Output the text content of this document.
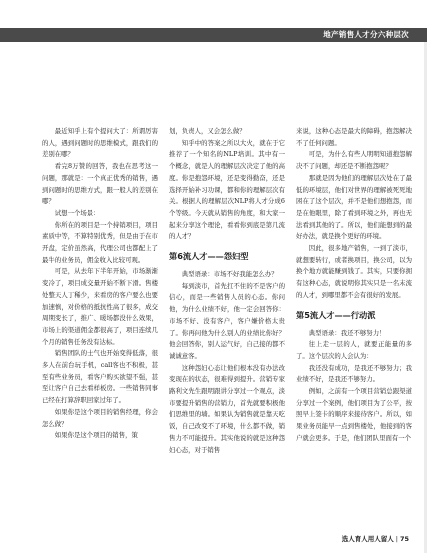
地产销售人才分六种层次

最近知乎上有个提问大了：所谓厉害的人，遇到问题时的思维模式，跟我们的差别在哪？

看完8万赞的回答，我也在思考这一问题，那就是：一个真正优秀的销售，遇到问题时的思维方式，跟一般人的差别在哪？

试想一个场景：

你所在的项目是一个持销项目，项目素质中等，不算特别优秀，但是由于在市开盘，定价虽然高，代理公司也都配上了最牛的业务员，佣金收入比较可观。

可是，从去年下半年开始，市场渐渐变冷了，项目成交量开始不断下滑。售楼处整天人丁稀少，来看房的客户要么也要加速慎，对价格的抵抗性高了很多，成交周期变长了，推广、暖场都没什么效果，市场上的渠道佣金都很高了，项目连续几个月的销售任务没有达标。

销售团队的士气也开始变得低落，很多人在前台玩手机，call客也不积极，甚至有些业务员，看客户购买欲望不强，甚至让客户自己去看样板房。一些销售同事已经在打算辞职回家过年了。

如果你是这个项目的销售经理，你会怎么做？

如果你是这个项目的销售，策

划，负责人，又会怎么做？

知乎中的答案之所以大火，就在于它推荐了一个知名的NLP培训。其中有一个概念，就是人的理解层次决定了他的高度。你是抱怨环境，还是变得勤奋，还是选择开始补习功课，都和你的理解层次有关。根据人的理解层次NLP将人才分成6个等级。今天就从销售的角度，和大家一起来分享这个理论，看看你到底是第几流的人才？

第6流人才——怨妇型

典型语录：市场不好我能怎么办？

每到淡市，首先扛不住的不是客户的信心，而是一些销售人员的心态。你问他，为什么业绩不好，他一定会回答你：市场不好、没有客户，客户嫌价格太贵了。你再问他为什么别人的业绩比你好？他会回答你，别人运气好，自己接的都不诚诚意客。

这种怨妇心态让他们根本没有办法改变现在的状态，很难得到提升。营销专家路利文先生跟明跟讲分享过一个观点，淡市要提升销售的营销力，首先就要积极他们思维里的墙。如果认为销售就是靠天吃饭，自己改变不了环境，什么都不做，销售力不可能提升。其实他说的就是这种怨妇心态，对于销售

来说，这种心态是最大的障碍，抱怨解决不了任何问题。

可是，为什么有些人明明知道抱怨解决不了问题，却还是不断抱怨呢？

那就是因为他们的理解层次处在了最低的环境层，他们对世界的理解被死死地困在了这个层次，并不是他们想抱怨，而是在他眼里，除了看到环境之外，再也无法看到其他的了。所以，他们能想到的最好办法，就是换个更好的环境。

因此，很多地产销售，一到了淡市，就想要转行，或者换项目，换公司，以为换个地方就能赚到钱了。其实，只要你拥有这种心态，就说明你其实只是一名末流的人才，到哪里都不会有很好的发展。

第5流人才——行动派

典型语录：我还不够努力！

往上走一层的人，就要正能量的多了。这个层次的人会认为：

我还没有成功，是我还不够努力；我业绩不好，是我还不够努力。

例如，之前有一个项目营销总跟渠道分享过一个案例，他们项目为了公平，按照早上签卡的顺序来接待客户。所以，如果业务员能早一点到售楼处，他接到的客户就会更多。于是，他们团队里面有一个

选人育人用人留人 | 75
